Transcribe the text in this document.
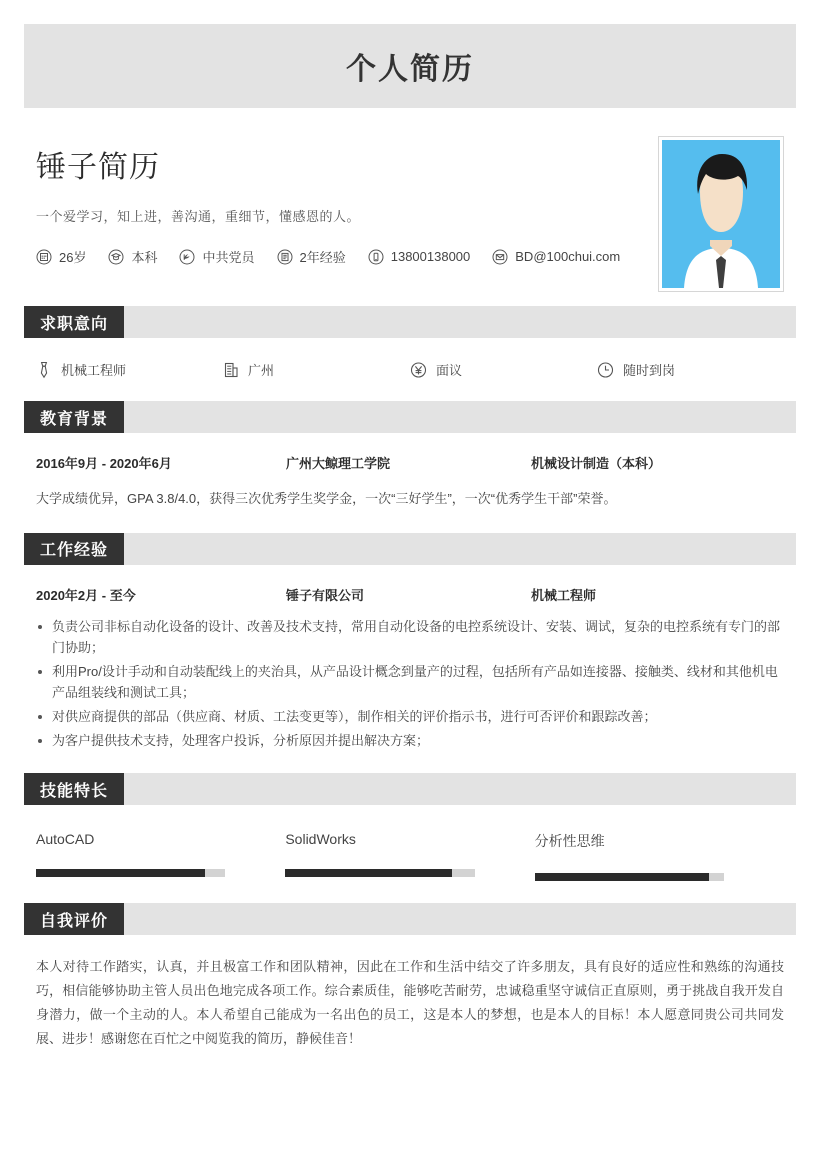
个人简历
锤子简历
一个爱学习，知上进，善沟通，重细节，懂感恩的人。
26岁	本科	中共党员	2年经验	13800138000	BD@100chui.com
求职意向
机械工程师	广州	面议	随时到岗
教育背景
2016年9月 - 2020年6月	广州大鲸理工学院	机械设计制造（本科）
大学成绩优异，GPA 3.8/4.0，获得三次优秀学生奖学金，一次“三好学生”，一次“优秀学生干部”荣誉。
工作经验
2020年2月 - 至今	锤子有限公司	机械工程师
负责公司非标自动化设备的设计、改善及技术支持，常用自动化设备的电控系统设计、安装、调试，复杂的电控系统有专门的部门协助；
利用Pro/设计手动和自动装配线上的夹治具，从产品设计概念到量产的过程，包括所有产品如连接器、接触类、线材和其他机电产品组装线和测试工具；
对供应商提供的部品（供应商、材质、工法变更等），制作相关的评价指示书，进行可否评价和跟踪改善；
为客户提供技术支持，处理客户投诉，分析原因并提出解决方案；
技能特长
AutoCAD	SolidWorks	分析性思维
自我评价
本人对待工作踏实，认真，并且极富工作和团队精神，因此在工作和生活中结交了许多朋友，具有良好的适应性和熟练的沟通技巧，相信能够协助主管人员出色地完成各项工作。综合素质佳，能够吃苦耐劳，忠诚稳重坚守诚信正直原则，勇于挑战自我开发自身潜力，做一个主动的人。本人希望自己能成为一名出色的员工，这是本人的梦想，也是本人的目标！本人愿意同贵公司共同发展、进步！感谢您在百忙之中阅览我的简历，静候佳音！
